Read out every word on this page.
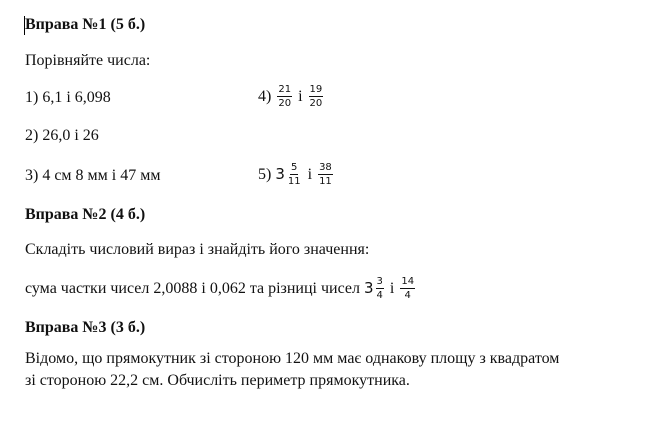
Вправа №1 (5 б.)
Порівняйте числа:
1) 6,1 і 6,098	$4) \frac{21}{20}$ і $\frac{19}{20}$
2) 26,0 і 26
3) 4 см 8 мм і 47 мм	5) $3 \frac{5}{11}$ і $\frac{38}{11}$
Вправа №2 (4 б.)
Складіть числовий вираз і знайдіть його значення:
сума частки чисел 2,0088 і 0,062 та різниці чисел $3 \frac{3}{4}$ і $\frac{14}{4}$
Вправа №3 (3 б.)
Відомо, що прямокутник зі стороною 120 мм має однакову площу з квадратом
зі стороною 22,2 см. Обчисліть периметр прямокутника.
